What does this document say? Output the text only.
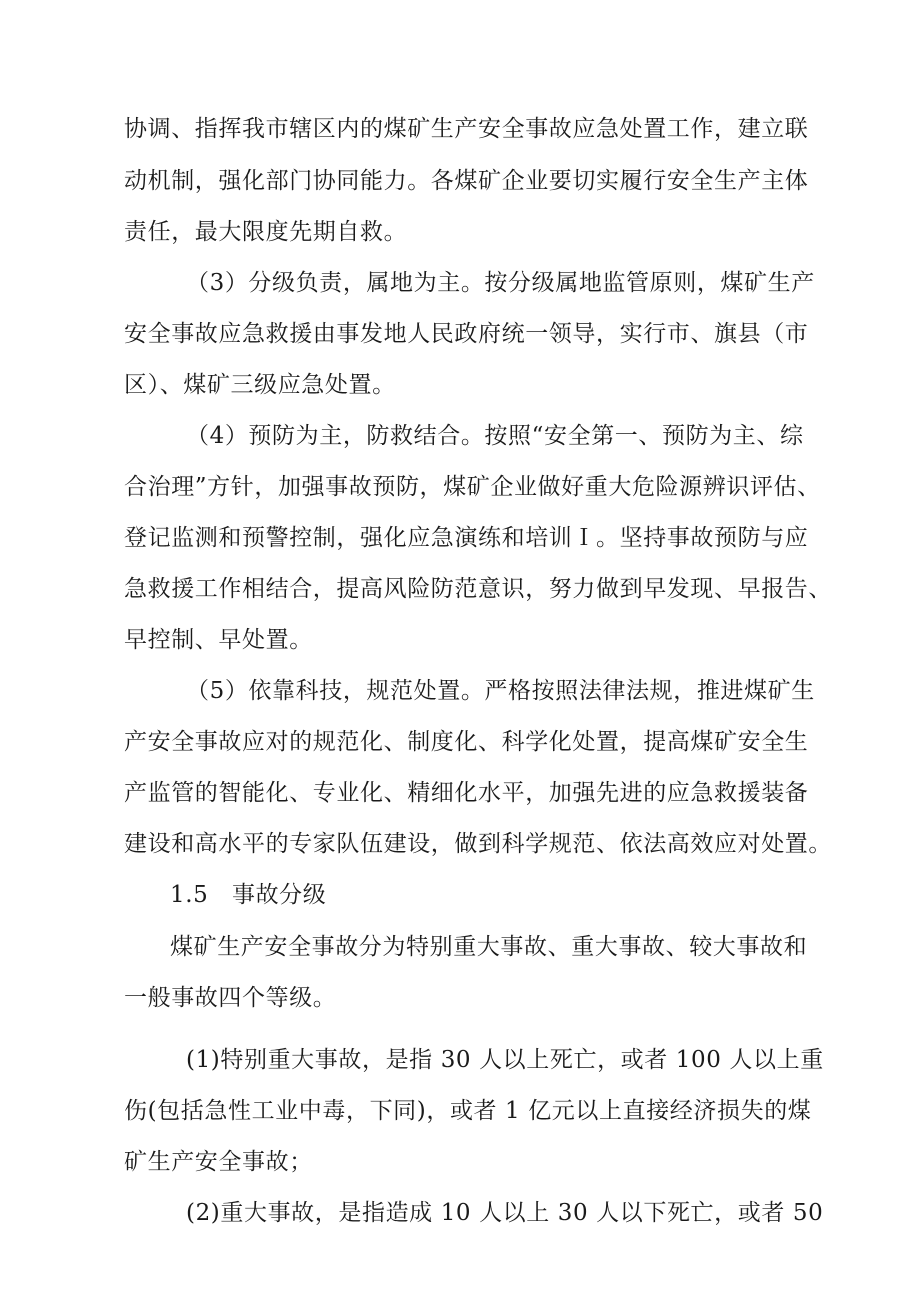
协调、指挥我市辖区内的煤矿生产安全事故应急处置工作，建立联
动机制，强化部门协同能力。各煤矿企业要切实履行安全生产主体
责任，最大限度先期自救。
（3）分级负责，属地为主。按分级属地监管原则，煤矿生产
安全事故应急救援由事发地人民政府统一领导，实行市、旗县（市
区）、煤矿三级应急处置。
（4）预防为主，防救结合。按照“安全第一、预防为主、综
合治理”方针，加强事故预防，煤矿企业做好重大危险源辨识评估、
登记监测和预警控制，强化应急演练和培训Ｉ。坚持事故预防与应
急救援工作相结合，提高风险防范意识，努力做到早发现、早报告、
早控制、早处置。
（5）依靠科技，规范处置。严格按照法律法规，推进煤矿生
产安全事故应对的规范化、制度化、科学化处置，提高煤矿安全生
产监管的智能化、专业化、精细化水平，加强先进的应急救援装备
建设和高水平的专家队伍建设，做到科学规范、依法高效应对处置。
1.5　事故分级
煤矿生产安全事故分为特别重大事故、重大事故、较大事故和
一般事故四个等级。
(1)特别重大事故，是指 30 人以上死亡，或者 100 人以上重
伤(包括急性工业中毒，下同)，或者 1 亿元以上直接经济损失的煤
矿生产安全事故；
(2)重大事故，是指造成 10 人以上 30 人以下死亡，或者 50
